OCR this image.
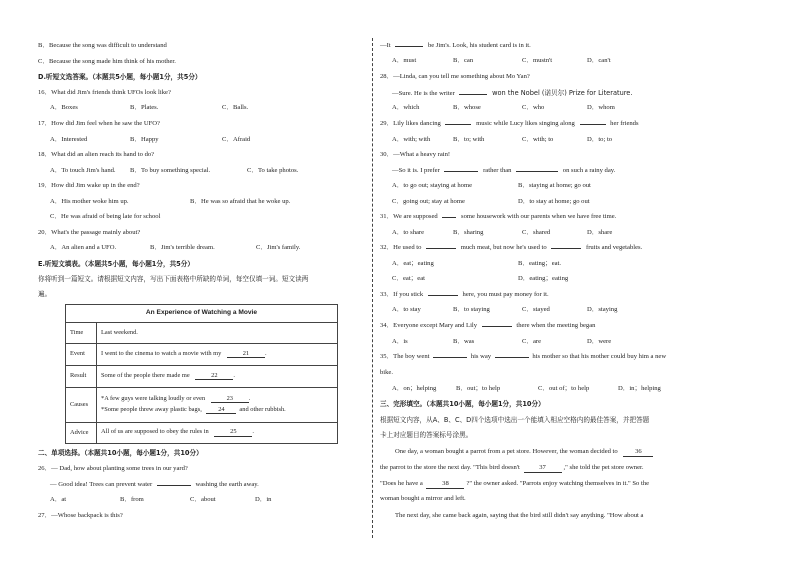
B．Because the song was difficult to understand
C．Because the song made him think of his mother.
D.听短文选答案。（本题共5小题，每小题1分，共5分）
16．What did Jim's friends think UFOs look like?
A．Boxes	B．Plates.	C．Balls.
17．How did Jim feel when he saw the UFO?
A．Interested	B．Happy	C．Afraid
18．What did an alien reach its hand to do?
A．To touch Jim's hand. B．To buy something special.	C．To take photos.
19．How did Jim wake up in the end?
A．His mother woke him up.	B．He was so afraid that he woke up.
C．He was afraid of being late for school
20．What's the passage mainly about?
A．An alien and a UFO.	B．Jim's terrible dream.	C．Jim's family.
E.听短文填表。（本题共5小题，每小题1分，共5分）
你将听到一篇短文。请根据短文内容，写出下面表格中所缺的单词，每空仅填一词。短文读两
遍。
An Experience of Watching a Movie	
Time	Last weekend.
Event	I went to the cinema to watch a movie with my 21 .
Result	Some of the people there made me 22 .
Causes	*A few guys were talking loudly or even 23 .
*Some people threw away plastic bags, 24 and other rubbish.

Advice	All of us are supposed to obey the rules in 25 .
二、单项选择。（本题共10小题，每小题1分，共10分）
26．— Dad, how about planting some trees in our yard?
— Good idea! Trees can prevent water	washing the earth away.
A．at	B．from	C．about	D．in
27．—Whose backpack is this?
—It	be Jim's. Look, his student card is in it.
A．must	B．can	C．mustn't	D．can't
28．—Linda, can you tell me something about Mo Yan?
—Sure. He is the writer	won the Nobel (诺贝尔) Prize for Literature.
A．which	B．whose	C．who	D．whom
29．Lily likes dancing	music while Lucy likes singing along	her friends
A．with; with	B．to; with	C．with; to	D．to; to
30．—What a heavy rain!
—So it is. I prefer	rather than	on such a rainy day.
A．to go out; staying at home	B．staying at home; go out
C．going out; stay at home	D．to stay at home; go out
31．We are supposed	some housework with our parents when we have free time.
A．to share	B．sharing	C．shared	D．share
32．He used to	much meat, but now he's used to	fruits and vegetables.
A．eat；eating	B．eating；eat.
C．eat；eat	D．eating；eating
33．If you stick	here, you must pay money for it.
A．to stay	B．to staying	C．stayed	D．staying
34．Everyone except Mary and Lily	there when the meeting began
A．is	B．was	C．are	D．were
35．The boy went	his way	his mother so that his mother could buy him a new
bike.
A．on；helping	B．out；to help	C．out of；to help	D．in；helping
三、完形填空。（本题共10小题，每小题1分，共10分）
根据短文内容，从A、B、C、D四个选项中选出一个能填入相应空格内的最佳答案，并把答题
卡上对应题目的答案标号涂黑。
One day, a woman bought a parrot from a pet store. However, the woman decided to	36
the parrot to the store the next day. "This bird doesn't	37	," she told the pet store owner.
"Does he have a	38	?" the owner asked. "Parrots enjoy watching themselves in it." So the
woman bought a mirror and left.
The next day, she came back again, saying that the bird still didn't say anything. "How about a
